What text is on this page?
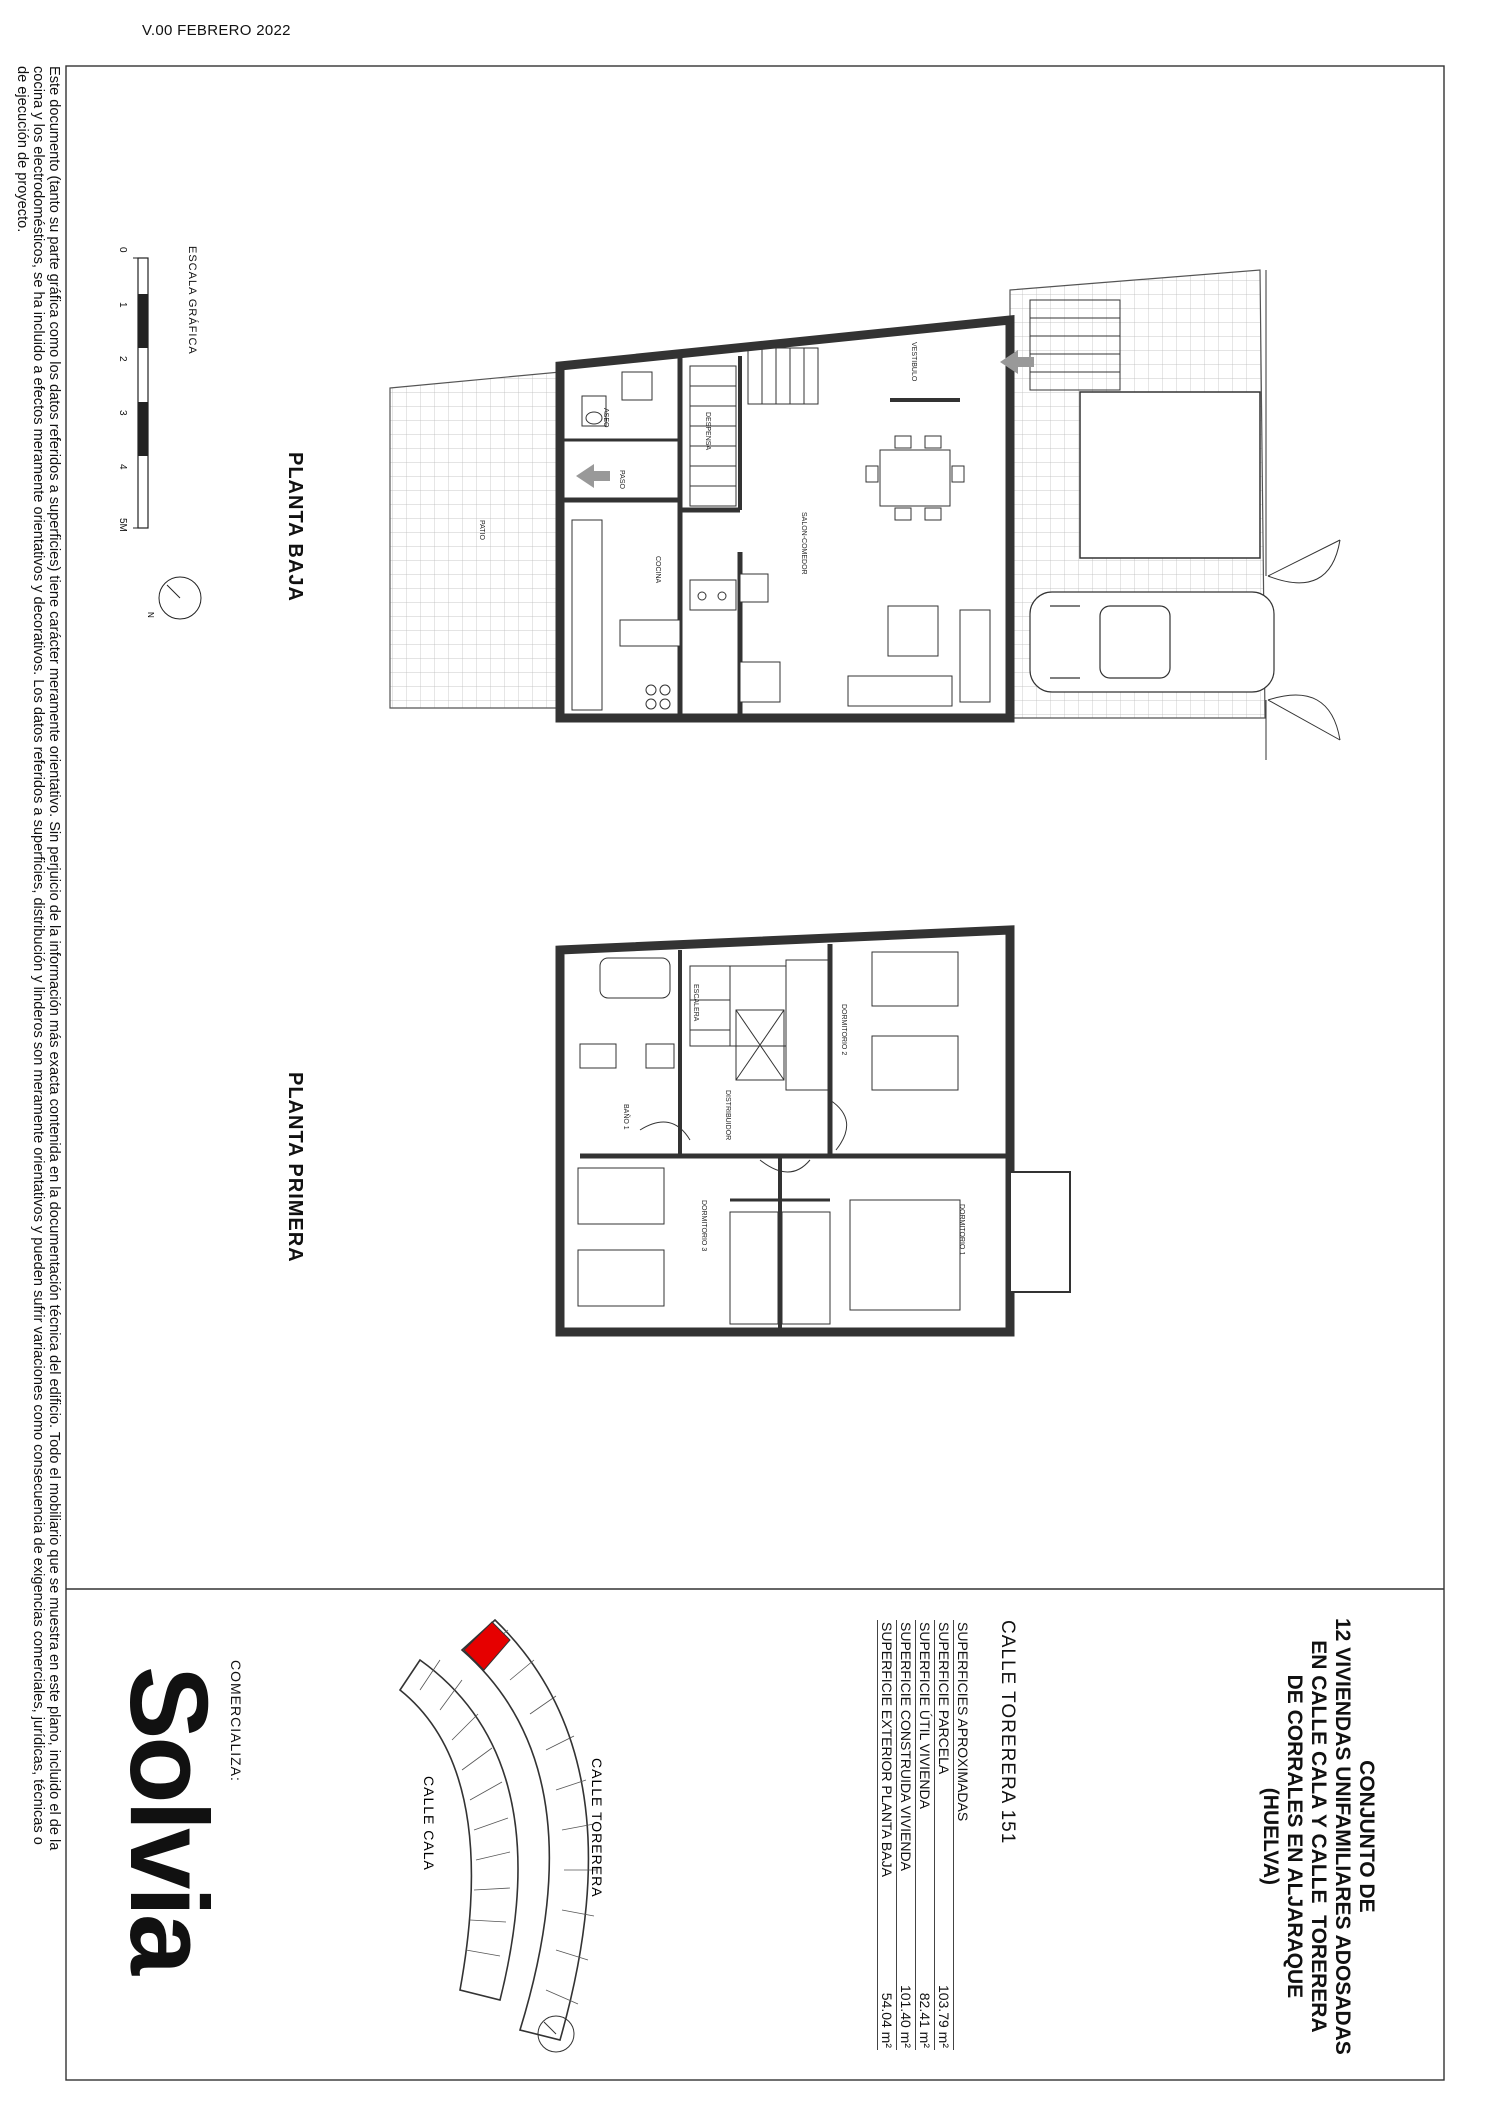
V.00 FEBRERO 2022
Este documento (tanto su parte gráfica como los datos referidos a superficies) tiene carácter meramente orientativo. Sin perjuicio de la información más exacta contenida en la documentación técnica del edificio. Todo el mobiliario que se muestra en este plano, incluido el de la
cocina y los electrodomésticos, se ha incluido a efectos meramente orientativos y decorativos. Los datos referidos a superficies, distribución y linderos son meramente orientativos y pueden sufrir variaciones como consecuencia de exigencias comerciales, jurídicas, técnicas o
de ejecución de proyecto.
PLANTA BAJA
PLANTA PRIMERA
ESCALA GRÁFICA
0
1
2
3
4
5M
N
PATIO
ASEO
PASO
DESPENSA
COCINA	SALON-COMEDOR
VESTIBULO
BAÑO 1
ESCALERA
DISTRIBUIDOR
DORMITORIO 2
DORMITORIO 3	DORMITORIO 1
CALLE TORERERA
CALLE CALA	CONJUNTO DE
12 VIVIENDAS UNIFAMILIARES ADOSADAS
EN CALLE CALA Y CALLE  TORERERA
DE CORRALES EN ALJARAQUE
(HUELVA)
CALLE TORERERA 151
SUPERFICIES APROXIMADAS
SUPERFICIE PARCELA
103.79 m²
SUPERFICIE ÚTIL VIVIENDA
82.41 m²
SUPERFICIE CONSTRUIDA VIVIENDA
101.40 m²
SUPERFICIE EXTERIOR PLANTA BAJA
54.04 m²
COMERCIALIZA:
Solvia
